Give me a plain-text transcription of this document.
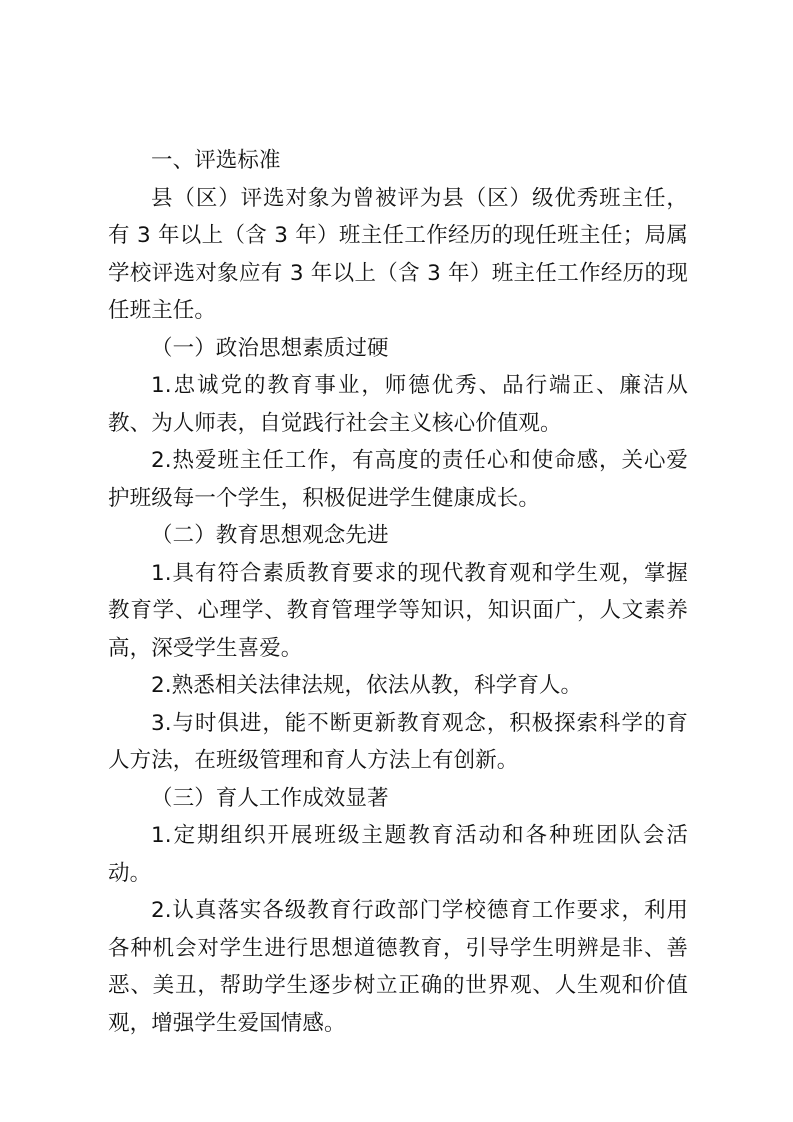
一、评选标准

县（区）评选对象为曾被评为县（区）级优秀班主任，有 3 年以上（含 3 年）班主任工作经历的现任班主任；局属学校评选对象应有 3 年以上（含 3 年）班主任工作经历的现任班主任。

（一）政治思想素质过硬

1.忠诚党的教育事业，师德优秀、品行端正、廉洁从教、为人师表，自觉践行社会主义核心价值观。

2.热爱班主任工作，有高度的责任心和使命感，关心爱护班级每一个学生，积极促进学生健康成长。

（二）教育思想观念先进

1.具有符合素质教育要求的现代教育观和学生观，掌握教育学、心理学、教育管理学等知识，知识面广，人文素养高，深受学生喜爱。

2.熟悉相关法律法规，依法从教，科学育人。

3.与时俱进，能不断更新教育观念，积极探索科学的育人方法，在班级管理和育人方法上有创新。

（三）育人工作成效显著

1.定期组织开展班级主题教育活动和各种班团队会活动。

2.认真落实各级教育行政部门学校德育工作要求，利用各种机会对学生进行思想道德教育，引导学生明辨是非、善恶、美丑，帮助学生逐步树立正确的世界观、人生观和价值观，增强学生爱国情感。
